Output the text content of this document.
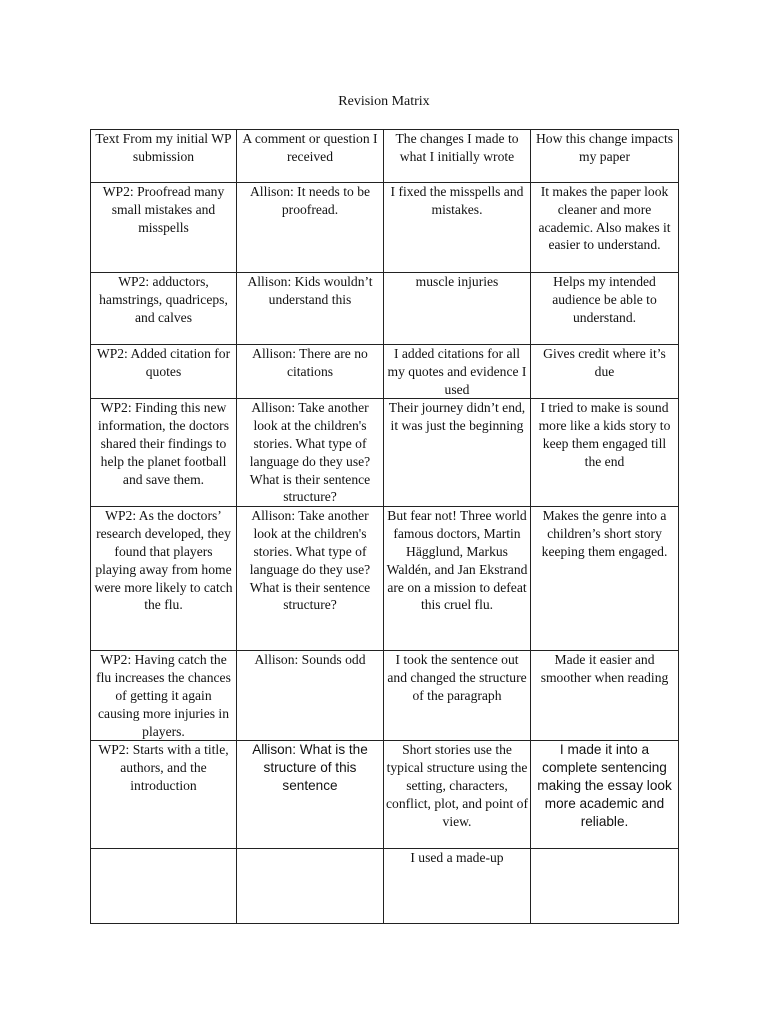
Revision Matrix
Text From my initial WP submission	A comment or question I received	The changes I made to what I initially wrote	How this change impacts my paper
WP2: Proofread many small mistakes and misspells	Allison: It needs to be proofread.	I fixed the misspells and mistakes.	It makes the paper look cleaner and more academic. Also makes it easier to understand.
WP2: adductors, hamstrings, quadriceps, and calves	Allison: Kids wouldn’t understand this	muscle injuries	Helps my intended audience be able to understand.
WP2: Added citation for quotes	Allison: There are no citations	I added citations for all my quotes and evidence I used	Gives credit where it’s due
WP2: Finding this new information, the doctors shared their findings to help the planet football and save them.	Allison: Take another look at the children's stories. What type of language do they use? What is their sentence structure?	Their journey didn’t end, it was just the beginning	I tried to make is sound more like a kids story to keep them engaged till the end
WP2: As the doctors’ research developed, they found that players playing away from home were more likely to catch the flu.	Allison: Take another look at the children's stories. What type of language do they use? What is their sentence structure?	But fear not! Three world famous doctors, Martin Hägglund, Markus Waldén, and Jan Ekstrand are on a mission to defeat this cruel flu.	Makes the genre into a children’s short story keeping them engaged.
WP2: Having catch the flu increases the chances of getting it again causing more injuries in players.	Allison: Sounds odd	I took the sentence out and changed the structure of the paragraph	Made it easier and smoother when reading
WP2: Starts with a title, authors, and the introduction	Allison: What is the structure of this sentence	Short stories use the typical structure using the setting, characters, conflict, plot, and point of view.	I made it into a complete sentencing making the essay look more academic and reliable.
		I used a made-up	
